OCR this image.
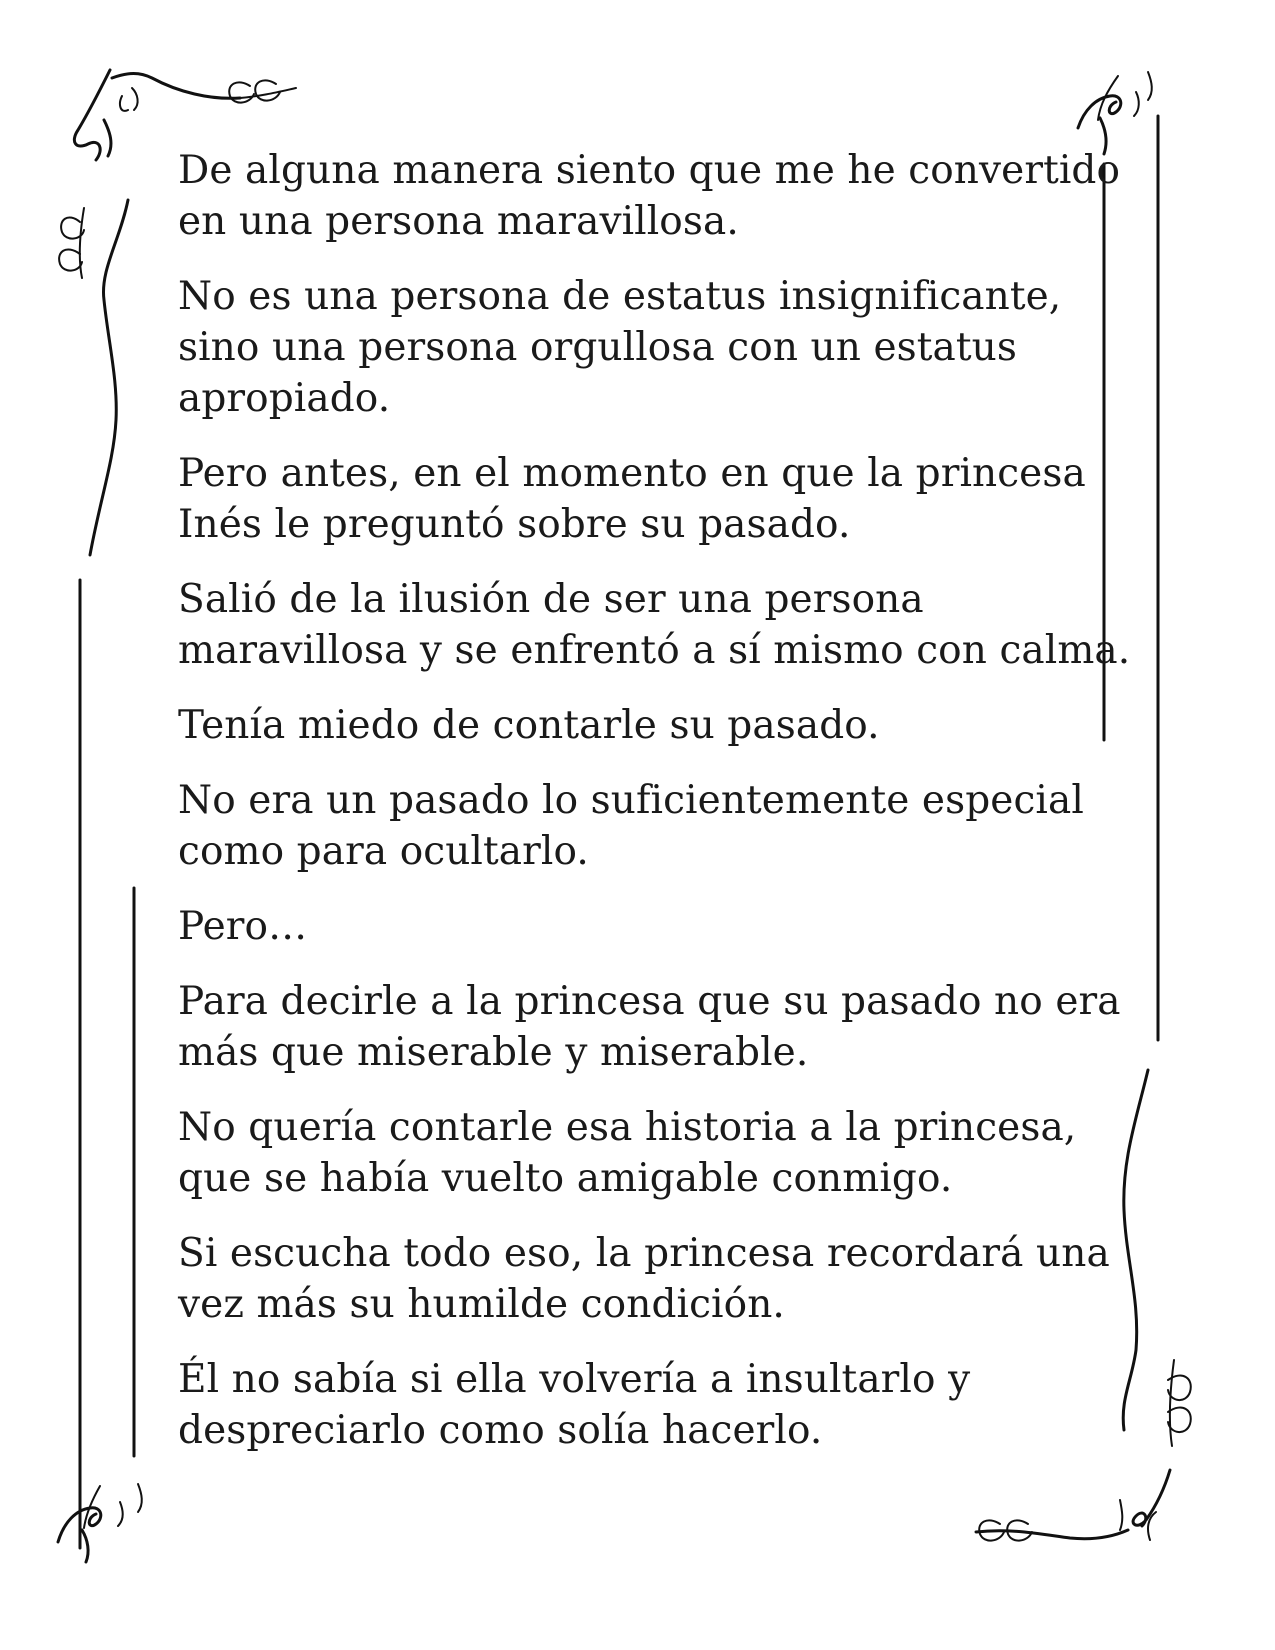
De alguna manera siento que me he convertido
en una persona maravillosa.

No es una persona de estatus insignificante,
sino una persona orgullosa con un estatus
apropiado.

Pero antes, en el momento en que la princesa
Inés le preguntó sobre su pasado.

Salió de la ilusión de ser una persona
maravillosa y se enfrentó a sí mismo con calma.

Tenía miedo de contarle su pasado.

No era un pasado lo suficientemente especial
como para ocultarlo.

Pero…

Para decirle a la princesa que su pasado no era
más que miserable y miserable.

No quería contarle esa historia a la princesa,
que se había vuelto amigable conmigo.

Si escucha todo eso, la princesa recordará una
vez más su humilde condición.

Él no sabía si ella volvería a insultarlo y
despreciarlo como solía hacerlo.
